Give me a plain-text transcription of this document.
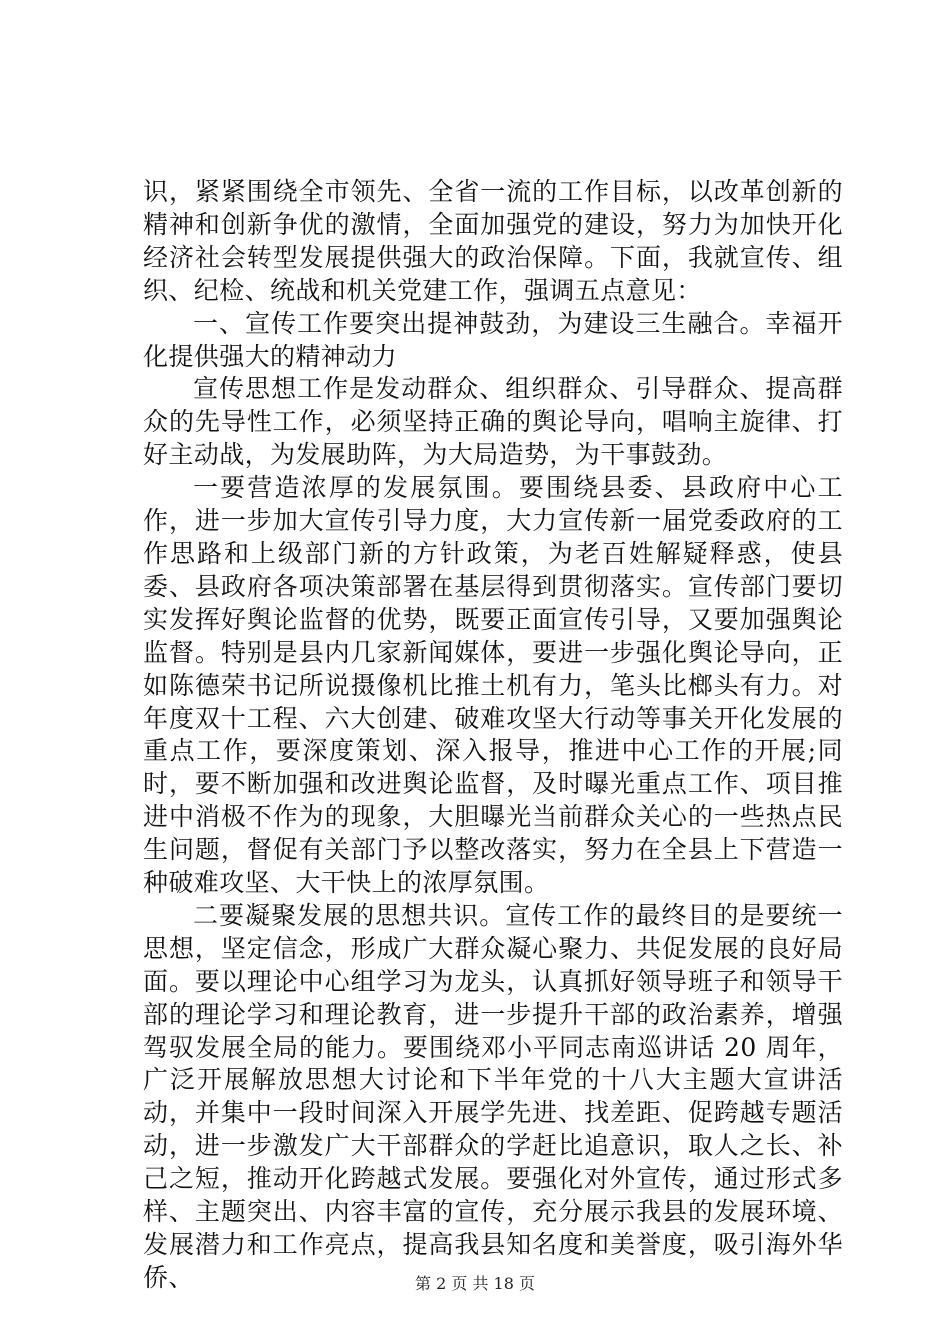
识，紧紧围绕全市领先、全省一流的工作目标，以改革创新的精神和创新争优的激情，全面加强党的建设，努力为加快开化经济社会转型发展提供强大的政治保障。下面，我就宣传、组织、纪检、统战和机关党建工作，强调五点意见：

一、宣传工作要突出提神鼓劲，为建设三生融合。幸福开化提供强大的精神动力

宣传思想工作是发动群众、组织群众、引导群众、提高群众的先导性工作，必须坚持正确的舆论导向，唱响主旋律、打好主动战，为发展助阵，为大局造势，为干事鼓劲。

一要营造浓厚的发展氛围。要围绕县委、县政府中心工作，进一步加大宣传引导力度，大力宣传新一届党委政府的工作思路和上级部门新的方针政策，为老百姓解疑释惑，使县委、县政府各项决策部署在基层得到贯彻落实。宣传部门要切实发挥好舆论监督的优势，既要正面宣传引导，又要加强舆论监督。特别是县内几家新闻媒体，要进一步强化舆论导向，正如陈德荣书记所说摄像机比推土机有力，笔头比榔头有力。对年度双十工程、六大创建、破难攻坚大行动等事关开化发展的重点工作，要深度策划、深入报导，推进中心工作的开展;同时，要不断加强和改进舆论监督，及时曝光重点工作、项目推进中消极不作为的现象，大胆曝光当前群众关心的一些热点民生问题，督促有关部门予以整改落实，努力在全县上下营造一种破难攻坚、大干快上的浓厚氛围。

二要凝聚发展的思想共识。宣传工作的最终目的是要统一思想，坚定信念，形成广大群众凝心聚力、共促发展的良好局面。要以理论中心组学习为龙头，认真抓好领导班子和领导干部的理论学习和理论教育，进一步提升干部的政治素养，增强驾驭发展全局的能力。要围绕邓小平同志南巡讲话 20 周年，广泛开展解放思想大讨论和下半年党的十八大主题大宣讲活动，并集中一段时间深入开展学先进、找差距、促跨越专题活动，进一步激发广大干部群众的学赶比追意识，取人之长、补己之短，推动开化跨越式发展。要强化对外宣传，通过形式多样、主题突出、内容丰富的宣传，充分展示我县的发展环境、发展潜力和工作亮点，提高我县知名度和美誉度，吸引海外华侨、	第 2 页 共 18 页
